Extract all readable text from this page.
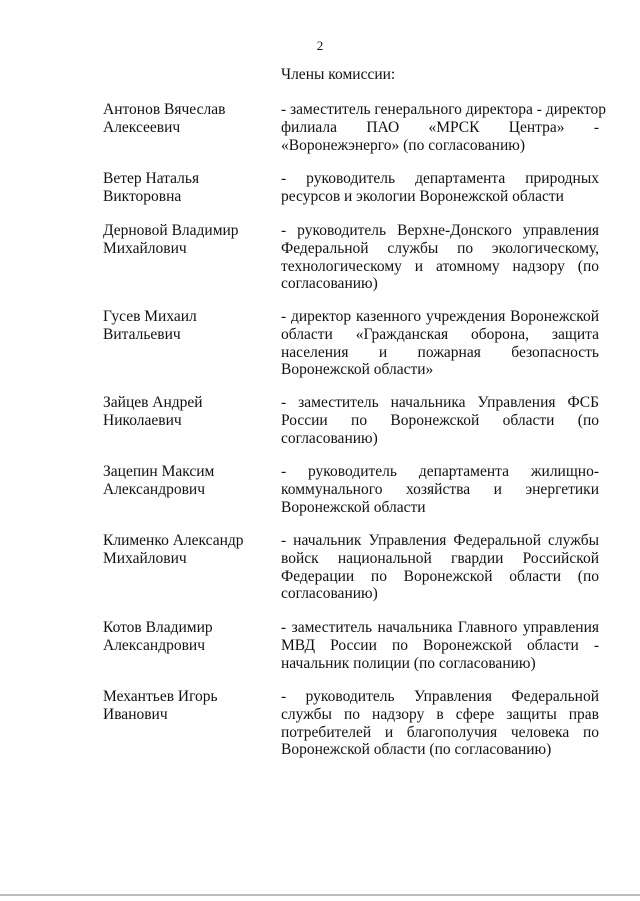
2
Члены комиссии:
Антонов Вячеслав
Алексеевич
- заместитель генерального директора - директор
филиала ПАО «МРСК Центра» -
«Воронежэнерго» (по согласованию)
Ветер Наталья
Викторовна
- руководитель департамента природных
ресурсов и экологии Воронежской области
Дерновой Владимир
Михайлович
- руководитель Верхне-Донского управления
Федеральной службы по экологическому,
технологическому и атомному надзору (по
согласованию)
Гусев Михаил
Витальевич
- директор казенного учреждения Воронежской
области «Гражданская оборона, защита
населения и пожарная безопасность
Воронежской области»
Зайцев Андрей
Николаевич
- заместитель начальника Управления ФСБ
России по Воронежской области (по
согласованию)
Зацепин Максим
Александрович
- руководитель департамента жилищно-
коммунального хозяйства и энергетики
Воронежской области
Клименко Александр
Михайлович
- начальник Управления Федеральной службы
войск национальной гвардии Российской
Федерации по Воронежской области (по
согласованию)
Котов Владимир
Александрович
- заместитель начальника Главного управления
МВД России по Воронежской области -
начальник полиции (по согласованию)
Механтьев Игорь
Иванович
- руководитель Управления Федеральной
службы по надзору в сфере защиты прав
потребителей и благополучия человека по
Воронежской области (по согласованию)
